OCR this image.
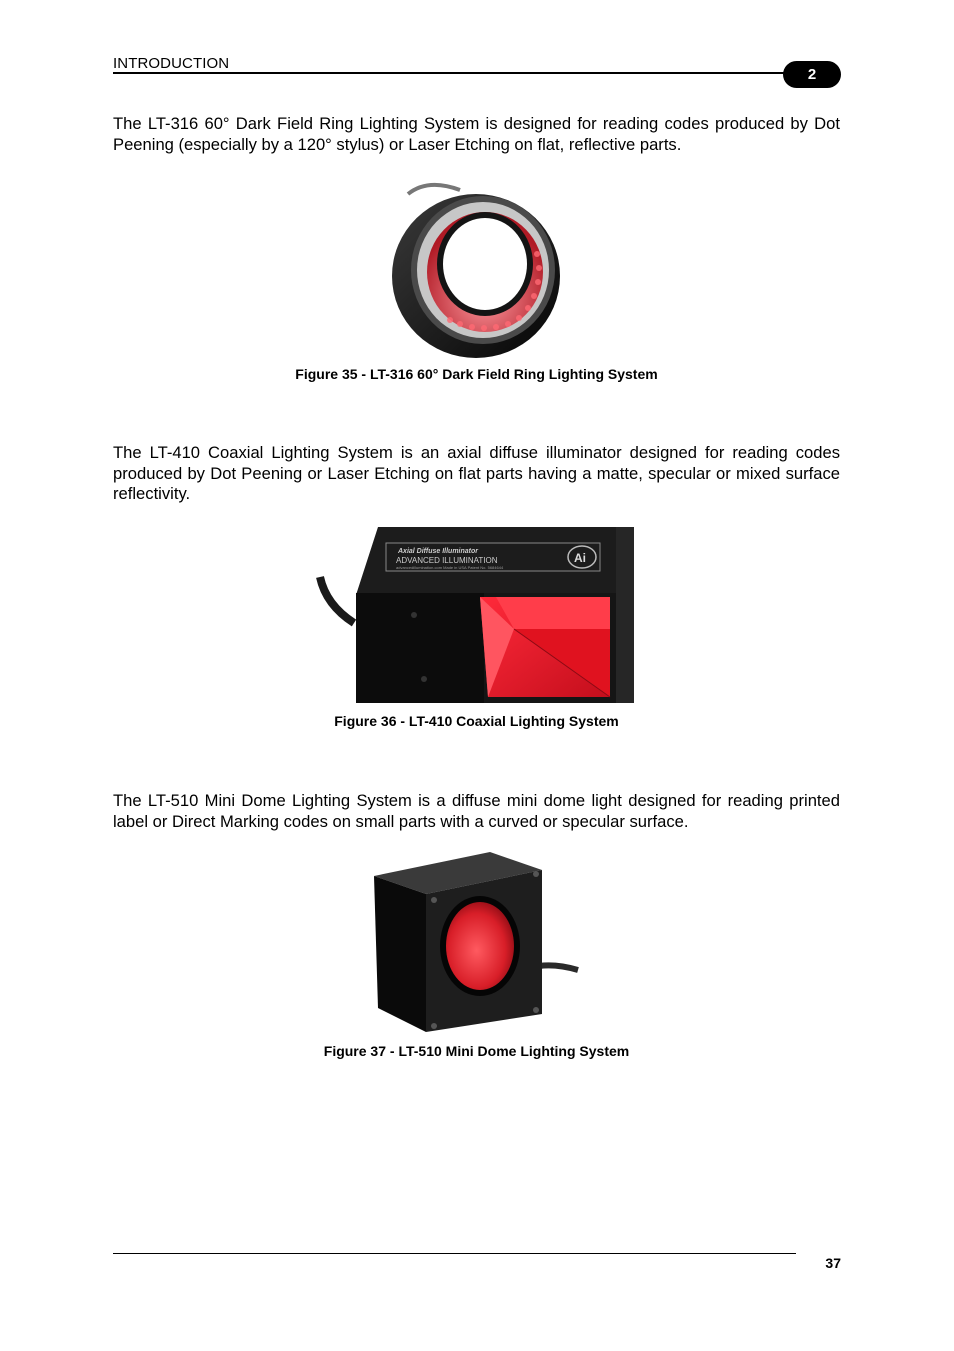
INTRODUCTION
2

The LT-316 60° Dark Field Ring Lighting System is designed for reading codes produced by Dot Peening (especially by a 120° stylus) or Laser Etching on flat, reflective parts.

Figure 35 - LT-316 60° Dark Field Ring Lighting System

The LT-410 Coaxial Lighting System is an axial diffuse illuminator designed for reading codes produced by Dot Peening or Laser Etching on flat parts having a matte, specular or mixed surface reflectivity.

Axial Diffuse Illuminator
ADVANCED ILLUMINATION
advancedillumination.com Made in USA Patent No. 5684644
Ai
Figure 36 - LT-410 Coaxial Lighting System

The LT-510 Mini Dome Lighting System is a diffuse mini dome light designed for reading printed label or Direct Marking codes on small parts with a curved or specular surface.

Figure 37 - LT-510 Mini Dome Lighting System
37
